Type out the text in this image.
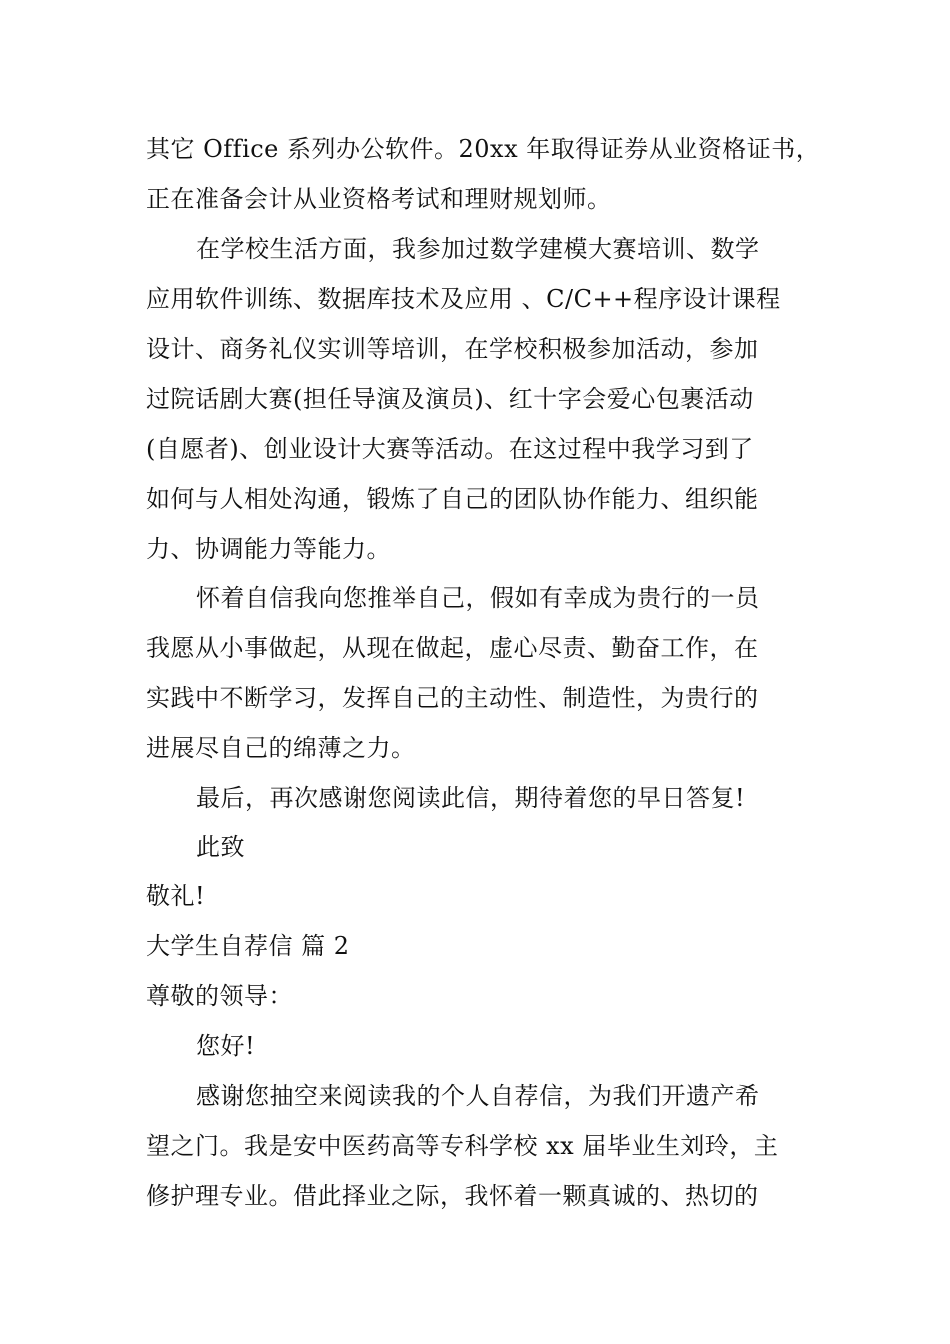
其它 Office 系列办公软件。20xx 年取得证券从业资格证书，
正在准备会计从业资格考试和理财规划师。
在学校生活方面，我参加过数学建模大赛培训、数学
应用软件训练、数据库技术及应用 、C/C++程序设计课程
设计、商务礼仪实训等培训，在学校积极参加活动，参加
过院话剧大赛(担任导演及演员)、红十字会爱心包裹活动
(自愿者)、创业设计大赛等活动。在这过程中我学习到了
如何与人相处沟通，锻炼了自己的团队协作能力、组织能
力、协调能力等能力。
怀着自信我向您推举自己，假如有幸成为贵行的一员
我愿从小事做起，从现在做起，虚心尽责、勤奋工作，在
实践中不断学习，发挥自己的主动性、制造性，为贵行的
进展尽自己的绵薄之力。
最后，再次感谢您阅读此信，期待着您的早日答复!
此致
敬礼!
大学生自荐信 篇 2
尊敬的领导：
您好!
感谢您抽空来阅读我的个人自荐信，为我们开遗产希
望之门。我是安中医药高等专科学校 xx 届毕业生刘玲，主
修护理专业。借此择业之际，我怀着一颗真诚的、热切的
